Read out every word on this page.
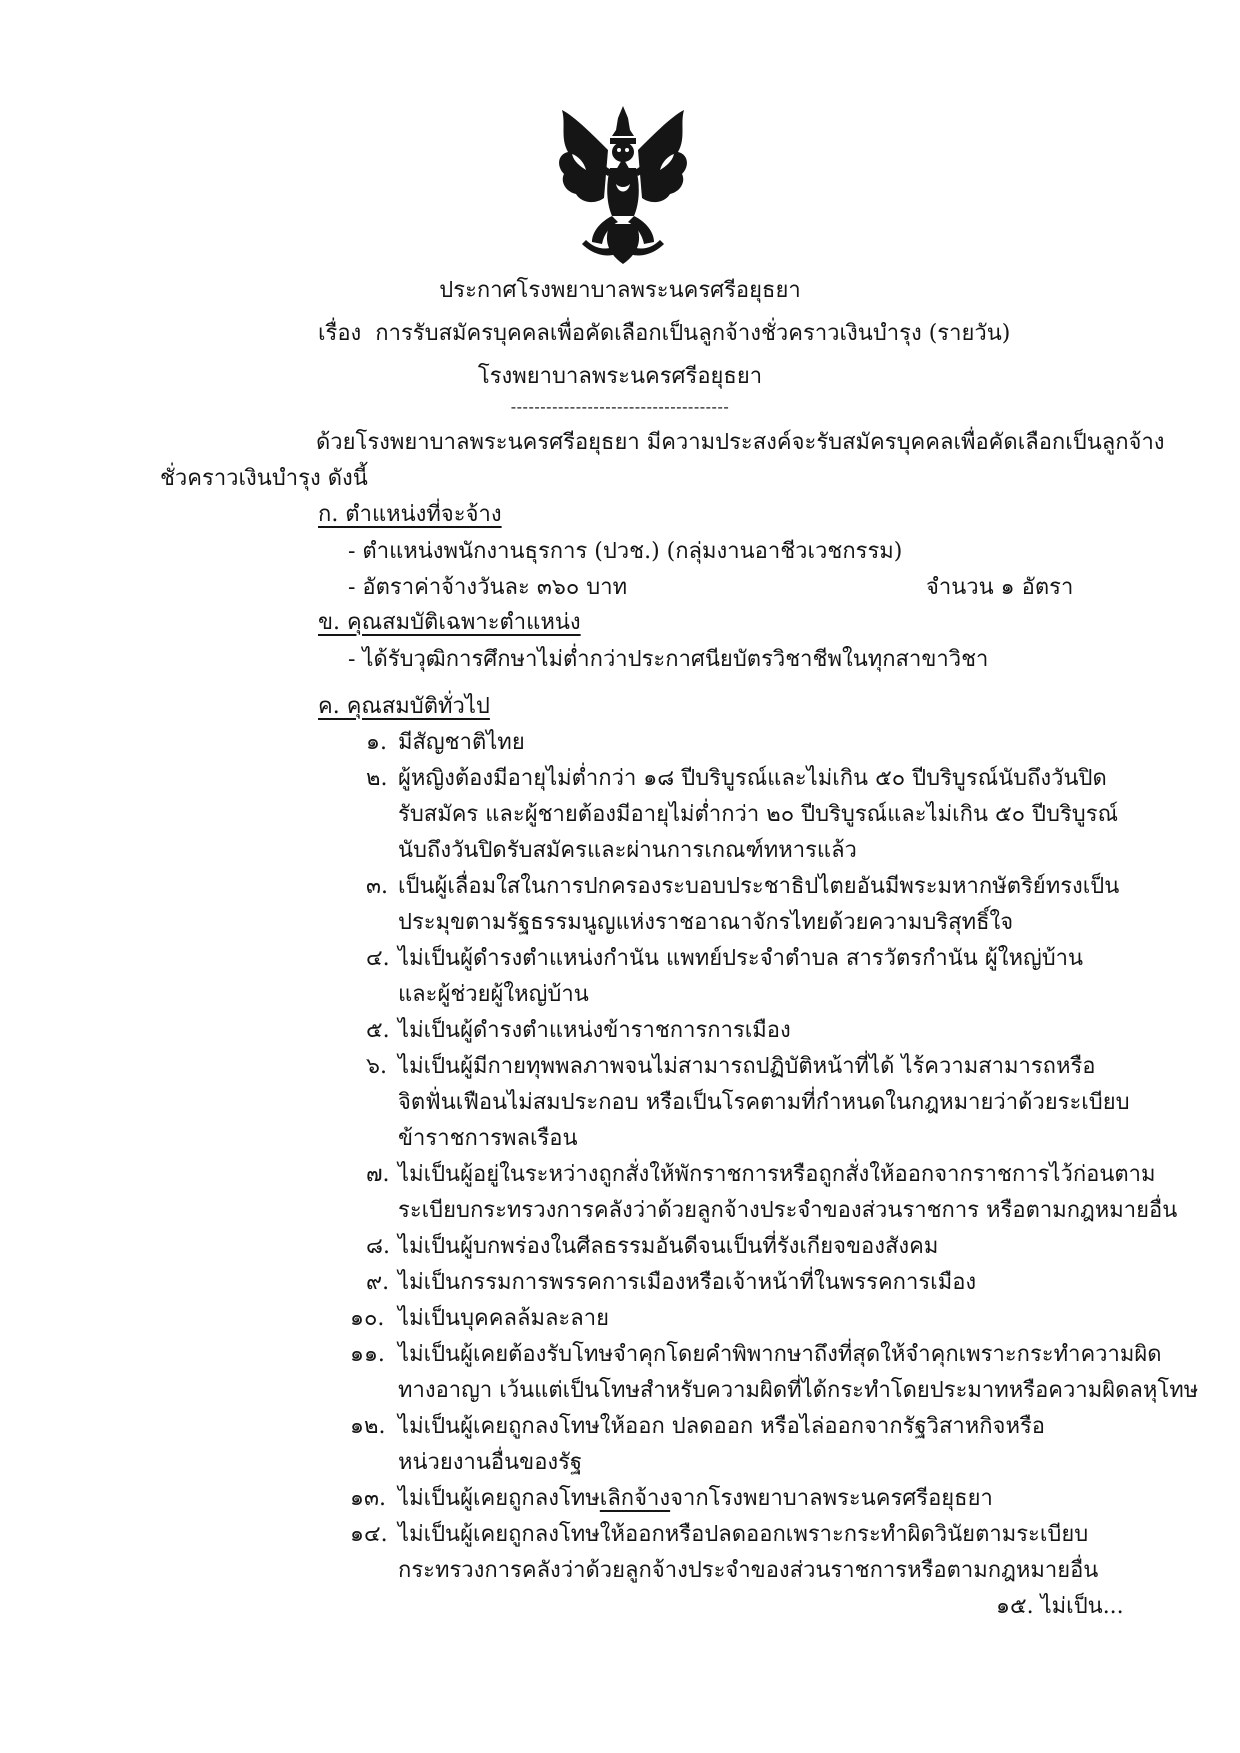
ประกาศโรงพยาบาลพระนครศรีอยุธยา
เรื่อง การรับสมัครบุคคลเพื่อคัดเลือกเป็นลูกจ้างชั่วคราวเงินบำรุง (รายวัน)
โรงพยาบาลพระนครศรีอยุธยา
-------------------------------------
ด้วยโรงพยาบาลพระนครศรีอยุธยา มีความประสงค์จะรับสมัครบุคคลเพื่อคัดเลือกเป็นลูกจ้าง
ชั่วคราวเงินบำรุง ดังนี้
ก. ตำแหน่งที่จะจ้าง
- ตำแหน่งพนักงานธุรการ (ปวช.) (กลุ่มงานอาชีวเวชกรรม)
- อัตราค่าจ้างวันละ ๓๖๐ บาท	จำนวน ๑ อัตรา
ข. คุณสมบัติเฉพาะตำแหน่ง
- ได้รับวุฒิการศึกษาไม่ต่ำกว่าประกาศนียบัตรวิชาชีพในทุกสาขาวิชา
ค. คุณสมบัติทั่วไป
๑. มีสัญชาติไทย
๒. ผู้หญิงต้องมีอายุไม่ต่ำกว่า ๑๘ ปีบริบูรณ์และไม่เกิน ๕๐ ปีบริบูรณ์นับถึงวันปิด
รับสมัคร และผู้ชายต้องมีอายุไม่ต่ำกว่า ๒๐ ปีบริบูรณ์และไม่เกิน ๕๐ ปีบริบูรณ์
นับถึงวันปิดรับสมัครและผ่านการเกณฑ์ทหารแล้ว
๓. เป็นผู้เลื่อมใสในการปกครองระบอบประชาธิปไตยอันมีพระมหากษัตริย์ทรงเป็น
ประมุขตามรัฐธรรมนูญแห่งราชอาณาจักรไทยด้วยความบริสุทธิ์ใจ
๔. ไม่เป็นผู้ดำรงตำแหน่งกำนัน แพทย์ประจำตำบล สารวัตรกำนัน ผู้ใหญ่บ้าน
และผู้ช่วยผู้ใหญ่บ้าน
๕. ไม่เป็นผู้ดำรงตำแหน่งข้าราชการการเมือง
๖. ไม่เป็นผู้มีกายทุพพลภาพจนไม่สามารถปฏิบัติหน้าที่ได้ ไร้ความสามารถหรือ
จิตฟั่นเฟือนไม่สมประกอบ หรือเป็นโรคตามที่กำหนดในกฎหมายว่าด้วยระเบียบ
ข้าราชการพลเรือน
๗. ไม่เป็นผู้อยู่ในระหว่างถูกสั่งให้พักราชการหรือถูกสั่งให้ออกจากราชการไว้ก่อนตาม
ระเบียบกระทรวงการคลังว่าด้วยลูกจ้างประจำของส่วนราชการ หรือตามกฎหมายอื่น
๘. ไม่เป็นผู้บกพร่องในศีลธรรมอันดีจนเป็นที่รังเกียจของสังคม
๙. ไม่เป็นกรรมการพรรคการเมืองหรือเจ้าหน้าที่ในพรรคการเมือง
๑๐. ไม่เป็นบุคคลล้มละลาย
๑๑. ไม่เป็นผู้เคยต้องรับโทษจำคุกโดยคำพิพากษาถึงที่สุดให้จำคุกเพราะกระทำความผิด
ทางอาญา เว้นแต่เป็นโทษสำหรับความผิดที่ได้กระทำโดยประมาทหรือความผิดลหุโทษ
๑๒. ไม่เป็นผู้เคยถูกลงโทษให้ออก ปลดออก หรือไล่ออกจากรัฐวิสาหกิจหรือ
หน่วยงานอื่นของรัฐ
๑๓. ไม่เป็นผู้เคยถูกลงโทษเลิกจ้างจากโรงพยาบาลพระนครศรีอยุธยา
๑๔. ไม่เป็นผู้เคยถูกลงโทษให้ออกหรือปลดออกเพราะกระทำผิดวินัยตามระเบียบ
กระทรวงการคลังว่าด้วยลูกจ้างประจำของส่วนราชการหรือตามกฎหมายอื่น
๑๕. ไม่เป็น...
